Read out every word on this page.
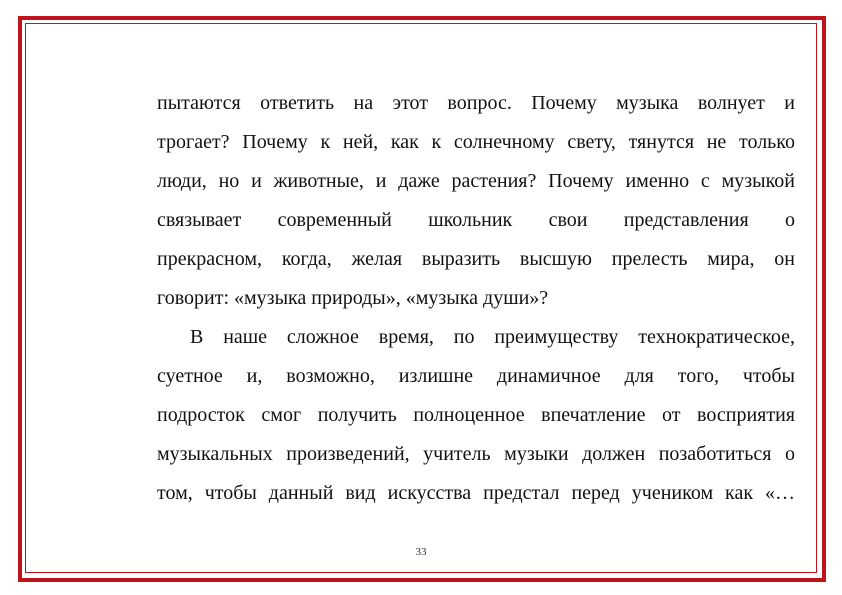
пытаются ответить на этот вопрос. Почему музыка волнует и
трогает? Почему к ней, как к солнечному свету, тянутся не только
люди, но и животные, и даже растения? Почему именно с музыкой
связывает современный школьник свои представления о
прекрасном, когда, желая выразить высшую прелесть мира, он
говорит: «музыка природы», «музыка души»?
В наше сложное время, по преимуществу технократическое,
суетное и, возможно, излишне динамичное для того, чтобы
подросток смог получить полноценное впечатление от восприятия
музыкальных произведений, учитель музыки должен позаботиться о
том, чтобы данный вид искусства предстал перед учеником как «…
33
